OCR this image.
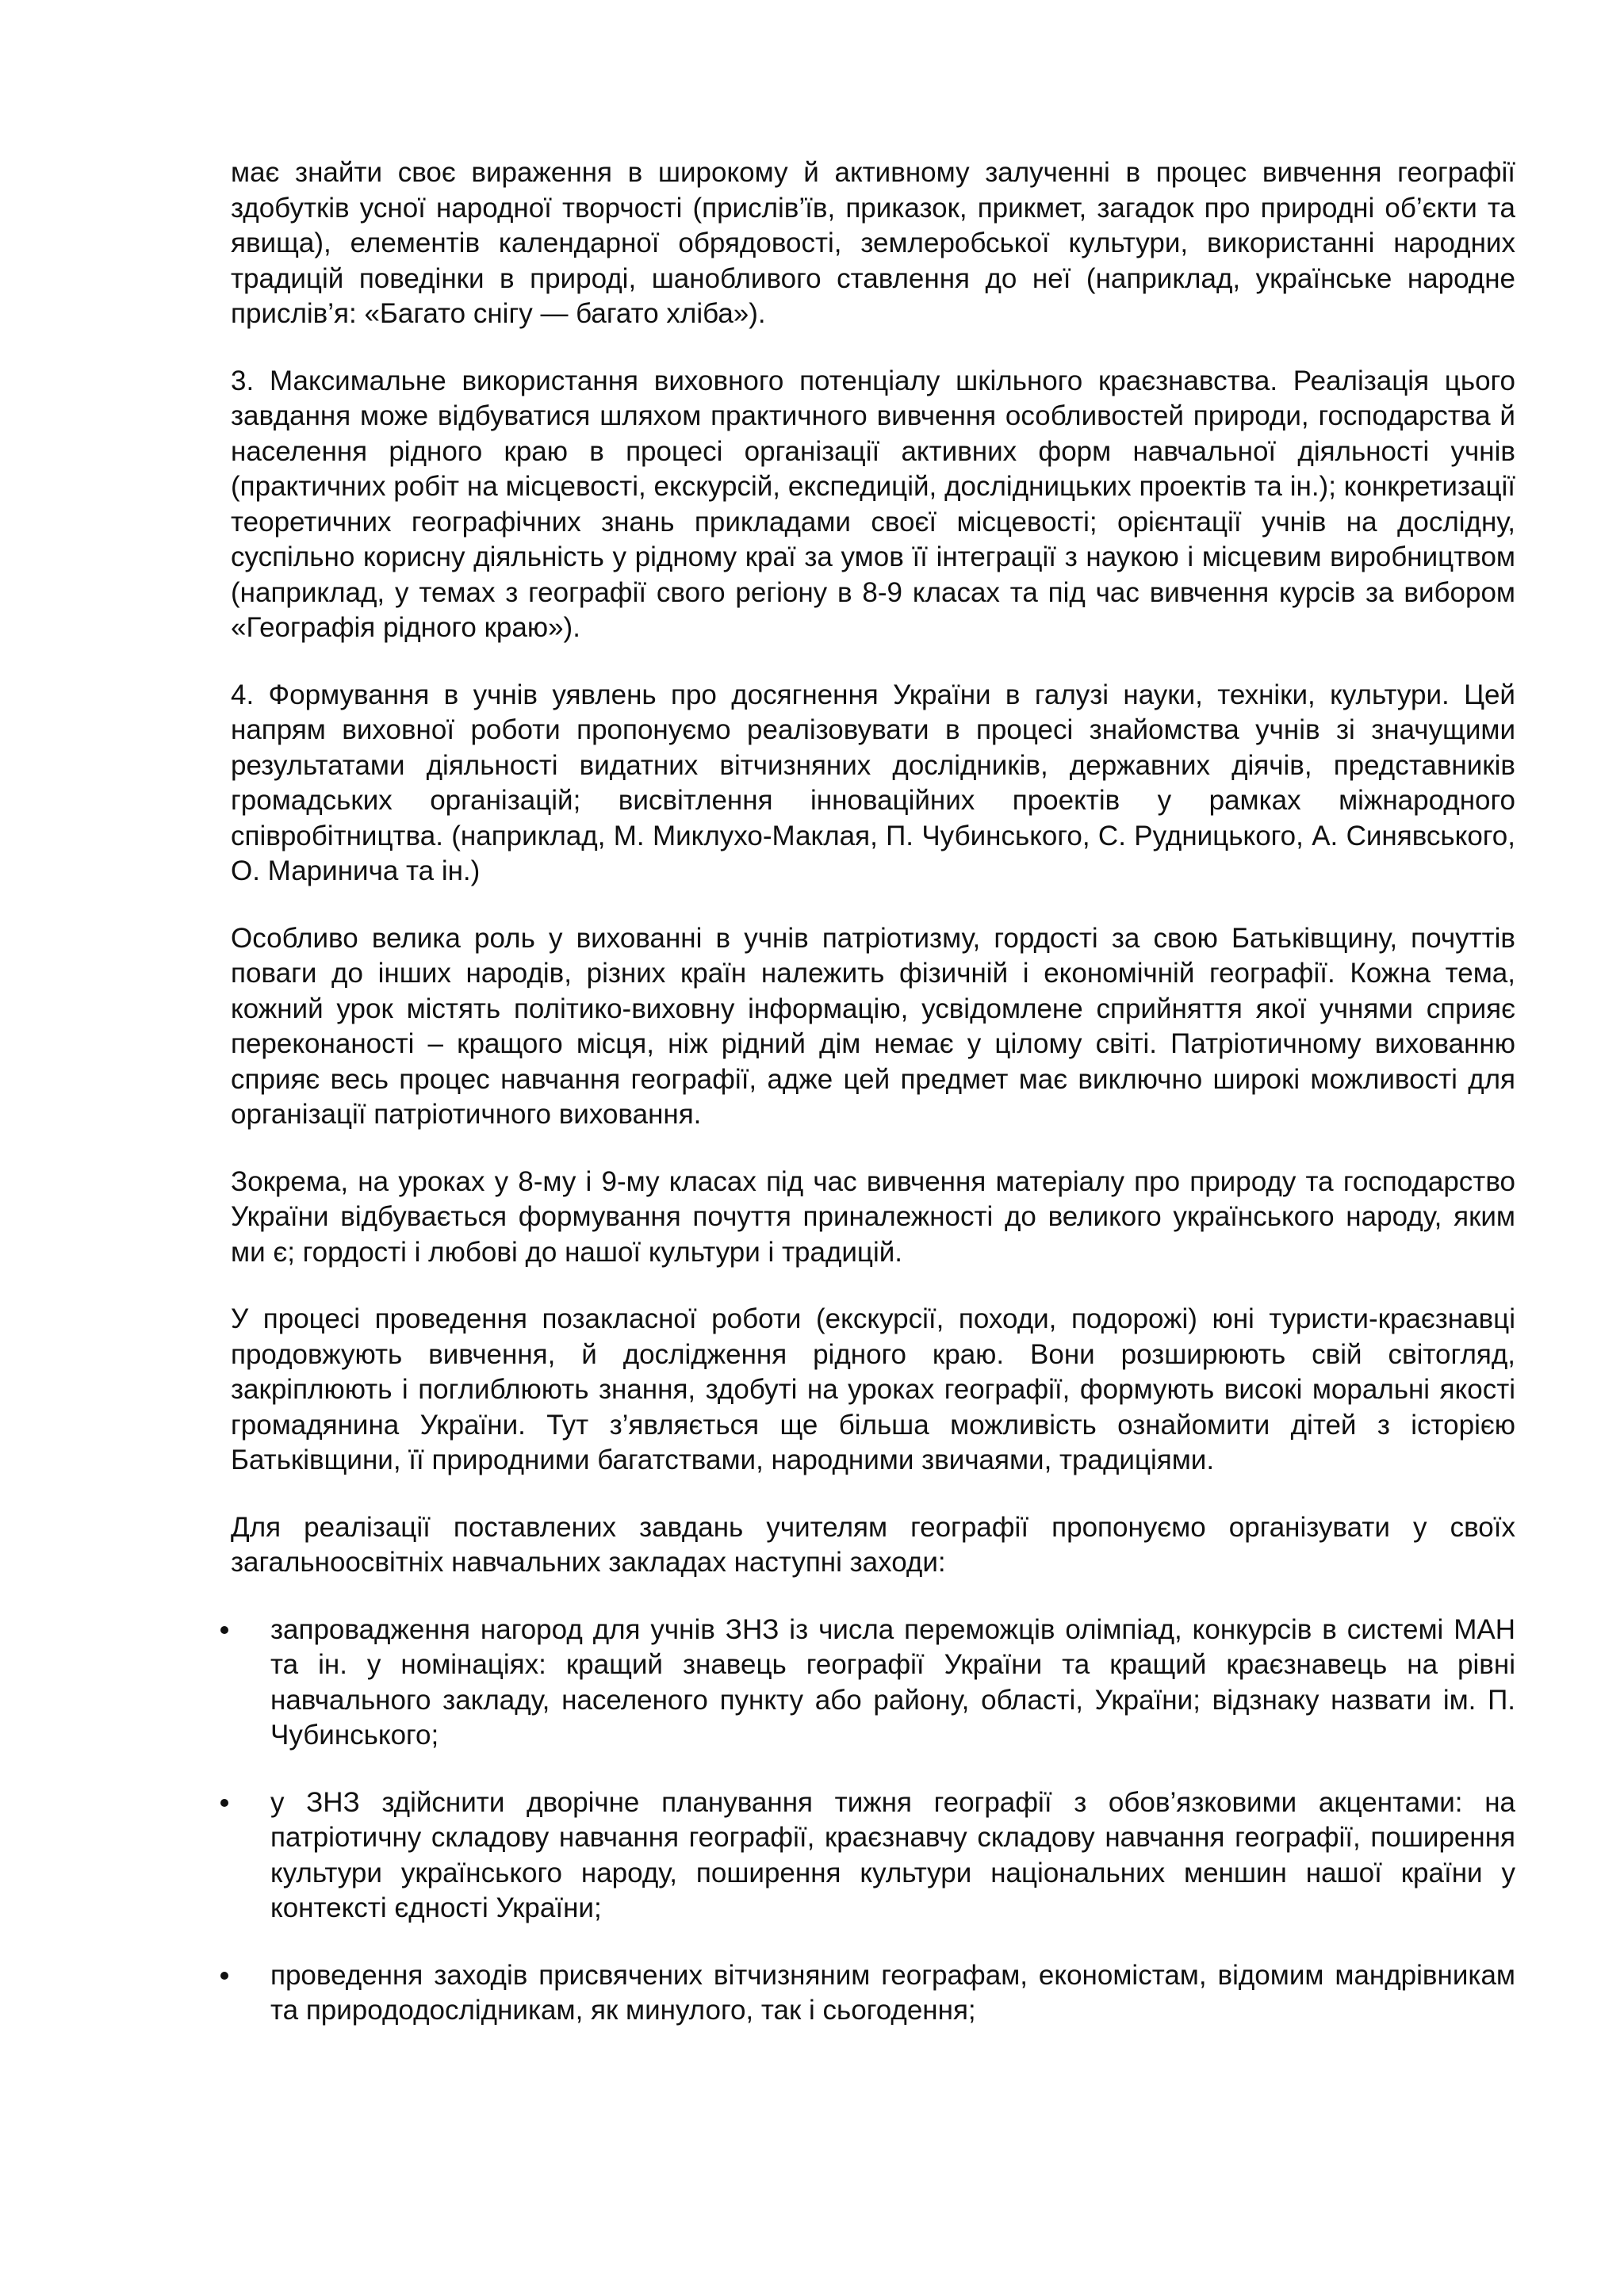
має знайти своє вираження в широкому й активному залученні в процес вивчення географії здобутків усної народної творчості (прислів’їв, приказок, прикмет, загадок про природні об’єкти та явища), елементів календарної обрядовості, землеробської культури, використанні народних традицій поведінки в природі, шанобливого ставлення до неї (наприклад, українське народне прислів’я: «Багато снігу — багато хліба»).

3. Максимальне використання виховного потенціалу шкільного краєзнавства. Реалізація цього завдання може відбуватися шляхом практичного вивчення особливостей природи, господарства й населення рідного краю в процесі організації активних форм навчальної діяльності учнів (практичних робіт на місцевості, екскурсій, експедицій, дослідницьких проектів та ін.); конкретизації теоретичних географічних знань прикладами своєї місцевості; орієнтації учнів на дослідну, суспільно корисну діяльність у рідному краї за умов її інтеграції з наукою і місцевим виробництвом (наприклад, у темах з географії свого регіону в 8-9 класах та під час вивчення курсів за вибором «Географія рідного краю»).

4. Формування в учнів уявлень про досягнення України в галузі науки, техніки, культури. Цей напрям виховної роботи пропонуємо реалізовувати в процесі знайомства учнів зі значущими результатами діяльності видатних вітчизняних дослідників, державних діячів, представників громадських організацій; висвітлення інноваційних проектів у рамках міжнародного співробітництва. (наприклад, М. Миклухо-Маклая, П. Чубинського, С. Рудницького, А. Синявського, О. Маринича та ін.)

Особливо велика роль у вихованні в учнів патріотизму, гордості за свою Батьківщину, почуттів поваги до інших народів, різних країн належить фізичній і економічній географії. Кожна тема, кожний урок містять політико-виховну інформацію, усвідомлене сприйняття якої учнями сприяє переконаності – кращого місця, ніж рідний дім немає у цілому світі. Патріотичному вихованню сприяє весь процес навчання географії, адже цей предмет має виключно широкі можливості для організації патріотичного виховання.

Зокрема, на уроках у 8-му і 9-му класах під час вивчення матеріалу про природу та господарство України відбувається формування почуття приналежності до великого українського народу, яким ми є; гордості і любові до нашої культури і традицій.

У процесі проведення позакласної роботи (екскурсії, походи, подорожі) юні туристи-краєзнавці продовжують вивчення, й дослідження рідного краю. Вони розширюють свій світогляд, закріплюють і поглиблюють знання, здобуті на уроках географії, формують високі моральні якості громадянина України. Тут з’являється ще більша можливість ознайомити дітей з історією Батьківщини, її природними багатствами, народними звичаями, традиціями.

Для реалізації поставлених завдань учителям географії пропонуємо організувати у своїх загальноосвітніх навчальних закладах наступні заходи:

запровадження нагород для учнів ЗНЗ із числа переможців олімпіад, конкурсів в системі МАН та ін. у номінаціях: кращий знавець географії України та кращий краєзнавець на рівні навчального закладу, населеного пункту або району, області, України; відзнаку назвати ім. П. Чубинського;
у ЗНЗ здійснити дворічне планування тижня географії з обов’язковими акцентами: на патріотичну складову навчання географії, краєзнавчу складову навчання географії, поширення культури українського народу, поширення культури національних меншин нашої країни у контексті єдності України;
проведення заходів присвячених вітчизняним географам, економістам, відомим мандрівникам та природодослідникам, як минулого, так і сьогодення;
